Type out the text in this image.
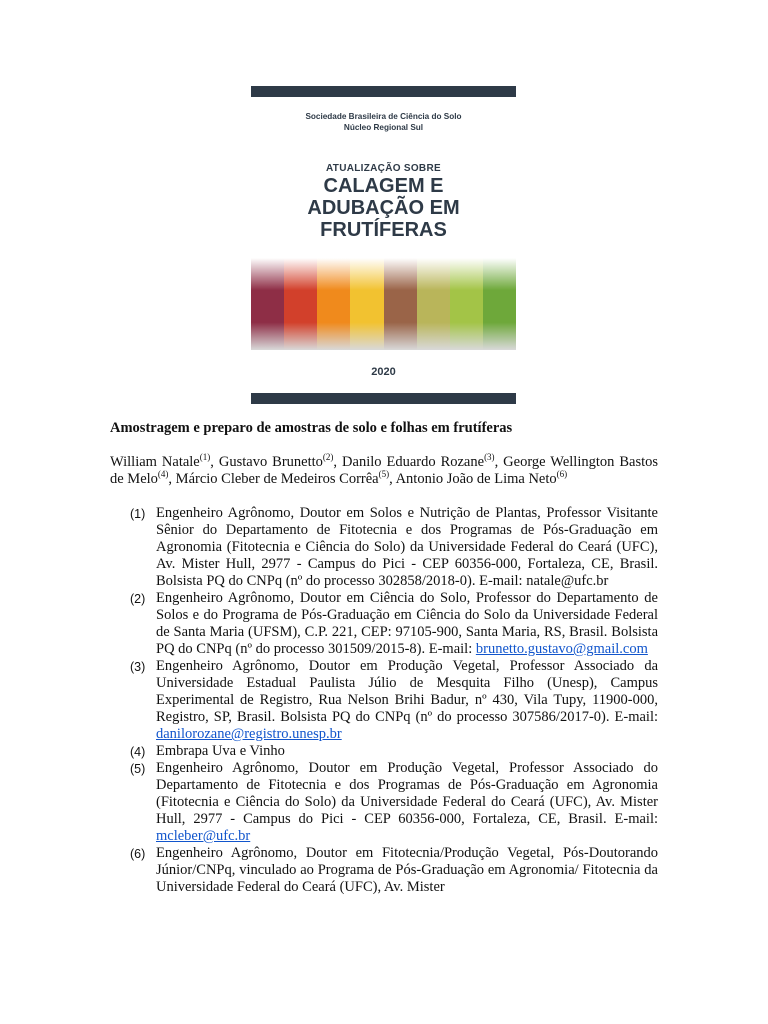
Sociedade Brasileira de Ciência do Solo
Núcleo Regional Sul
ATUALIZAÇÃO SOBRE
CALAGEM E
ADUBAÇÃO EM
FRUTÍFERAS
2020
Amostragem e preparo de amostras de solo e folhas em frutíferas
William Natale$^{(1)}$, Gustavo Brunetto$^{(2)}$, Danilo Eduardo Rozane$^{(3)}$, George Wellington Bastos de Melo$^{(4)}$, Márcio Cleber de Medeiros Corrêa$^{(5)}$, Antonio João de Lima Neto$^{(6)}$
(1) Engenheiro Agrônomo, Doutor em Solos e Nutrição de Plantas, Professor Visitante Sênior do Departamento de Fitotecnia e dos Programas de Pós-Graduação em Agronomia (Fitotecnia e Ciência do Solo) da Universidade Federal do Ceará (UFC), Av. Mister Hull, 2977 - Campus do Pici - CEP 60356-000, Fortaleza, CE, Brasil. Bolsista PQ do CNPq (nº do processo 302858/2018-0). E-mail: natale@ufc.br
(2) Engenheiro Agrônomo, Doutor em Ciência do Solo, Professor do Departamento de Solos e do Programa de Pós-Graduação em Ciência do Solo da Universidade Federal de Santa Maria (UFSM), C.P. 221, CEP: 97105-900, Santa Maria, RS, Brasil. Bolsista PQ do CNPq (nº do processo 301509/2015-8). E-mail: brunetto.gustavo@gmail.com
(3) Engenheiro Agrônomo, Doutor em Produção Vegetal, Professor Associado da Universidade Estadual Paulista Júlio de Mesquita Filho (Unesp), Campus Experimental de Registro, Rua Nelson Brihi Badur, nº 430, Vila Tupy, 11900-000, Registro, SP, Brasil. Bolsista PQ do CNPq (nº do processo 307586/2017-0). E-mail: danilorozane@registro.unesp.br
(4) Embrapa Uva e Vinho
(5) Engenheiro Agrônomo, Doutor em Produção Vegetal, Professor Associado do Departamento de Fitotecnia e dos Programas de Pós-Graduação em Agronomia (Fitotecnia e Ciência do Solo) da Universidade Federal do Ceará (UFC), Av. Mister Hull, 2977 - Campus do Pici - CEP 60356-000, Fortaleza, CE, Brasil. E-mail: mcleber@ufc.br
(6) Engenheiro Agrônomo, Doutor em Fitotecnia/Produção Vegetal, Pós-Doutorando Júnior/CNPq, vinculado ao Programa de Pós-Graduação em Agronomia/ Fitotecnia da Universidade Federal do Ceará (UFC), Av. Mister
